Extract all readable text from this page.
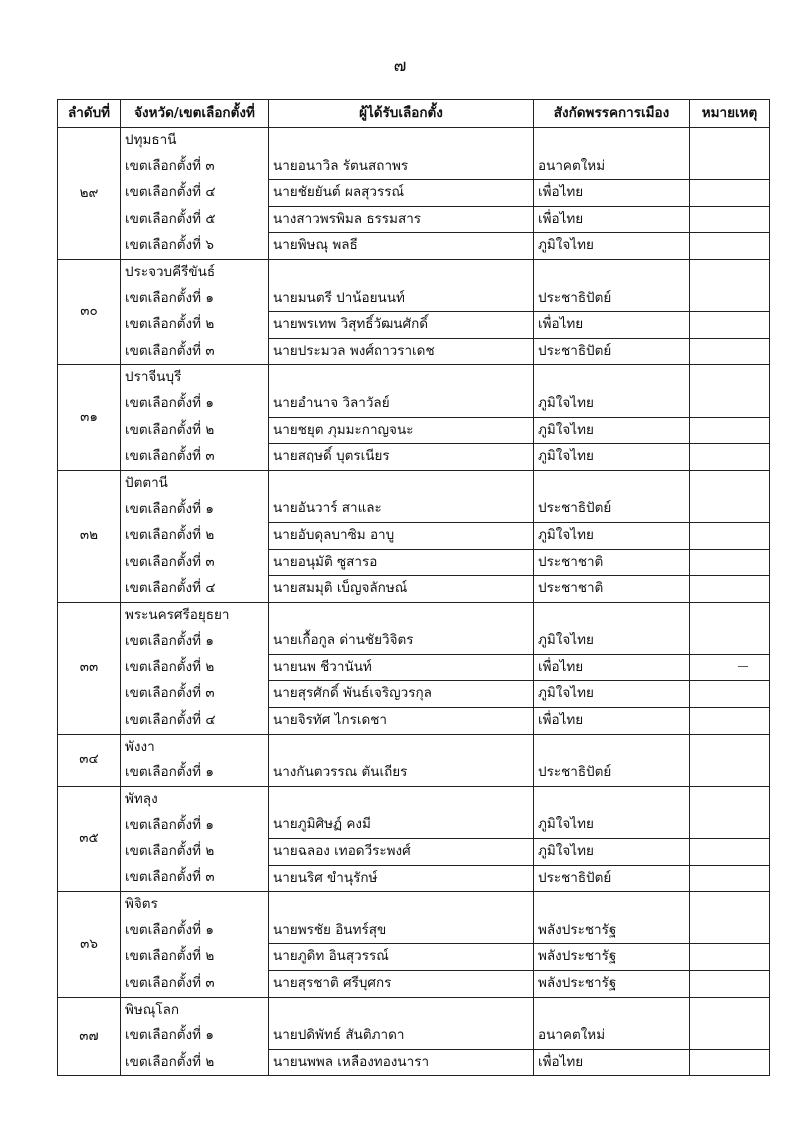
๗
ลำดับที่	จังหวัด/เขตเลือกตั้งที่	ผู้ได้รับเลือกตั้ง	สังกัดพรรคการเมือง	หมายเหตุ
๒๙	ปทุมธานี			
	เขตเลือกตั้งที่ ๓	นายอนาวิล รัตนสถาพร	อนาคตใหม่	
	เขตเลือกตั้งที่ ๔	นายชัยยันต์ ผลสุวรรณ์	เพื่อไทย	
	เขตเลือกตั้งที่ ๕	นางสาวพรพิมล ธรรมสาร	เพื่อไทย	
	เขตเลือกตั้งที่ ๖	นายพิษณุ พลธี	ภูมิใจไทย	
๓๐	ประจวบคีรีขันธ์			
	เขตเลือกตั้งที่ ๑	นายมนตรี ปาน้อยนนท์	ประชาธิปัตย์	
	เขตเลือกตั้งที่ ๒	นายพรเทพ วิสุทธิ์วัฒนศักดิ์	เพื่อไทย	
	เขตเลือกตั้งที่ ๓	นายประมวล พงศ์ถาวราเดช	ประชาธิปัตย์	
๓๑	ปราจีนบุรี			
	เขตเลือกตั้งที่ ๑	นายอำนาจ วิลาวัลย์	ภูมิใจไทย	
	เขตเลือกตั้งที่ ๒	นายชยุต ภุมมะกาญจนะ	ภูมิใจไทย	
	เขตเลือกตั้งที่ ๓	นายสฤษดิ์ บุตรเนียร	ภูมิใจไทย	
๓๒	ปัตตานี			
	เขตเลือกตั้งที่ ๑	นายอันวาร์ สาและ	ประชาธิปัตย์	
	เขตเลือกตั้งที่ ๒	นายอับดุลบาซิม อาบู	ภูมิใจไทย	
	เขตเลือกตั้งที่ ๓	นายอนุมัติ ซูสารอ	ประชาชาติ	
	เขตเลือกตั้งที่ ๔	นายสมมุติ เบ็ญจลักษณ์	ประชาชาติ	
๓๓	พระนครศรีอยุธยา			
	เขตเลือกตั้งที่ ๑	นายเกื้อกูล ด่านชัยวิจิตร	ภูมิใจไทย	
	เขตเลือกตั้งที่ ๒	นายนพ ชีวานันท์	เพื่อไทย	
	เขตเลือกตั้งที่ ๓	นายสุรศักดิ์ พันธ์เจริญวรกุล	ภูมิใจไทย	
	เขตเลือกตั้งที่ ๔	นายจิรทัศ ไกรเดชา	เพื่อไทย	
๓๔	พังงา			
	เขตเลือกตั้งที่ ๑	นางกันตวรรณ ตันเถียร	ประชาธิปัตย์	
๓๕	พัทลุง			
	เขตเลือกตั้งที่ ๑	นายภูมิศิษฏ์ คงมี	ภูมิใจไทย	
	เขตเลือกตั้งที่ ๒	นายฉลอง เทอดวีระพงศ์	ภูมิใจไทย	
	เขตเลือกตั้งที่ ๓	นายนริศ ขำนุรักษ์	ประชาธิปัตย์	
๓๖	พิจิตร			
	เขตเลือกตั้งที่ ๑	นายพรชัย อินทร์สุข	พลังประชารัฐ	
	เขตเลือกตั้งที่ ๒	นายภูดิท อินสุวรรณ์	พลังประชารัฐ	
	เขตเลือกตั้งที่ ๓	นายสุรชาติ ศรีบุศกร	พลังประชารัฐ	
๓๗	พิษณุโลก			
	เขตเลือกตั้งที่ ๑	นายปดิพัทธ์ สันติภาดา	อนาคตใหม่	
	เขตเลือกตั้งที่ ๒	นายนพพล เหลืองทองนารา	เพื่อไทย	
